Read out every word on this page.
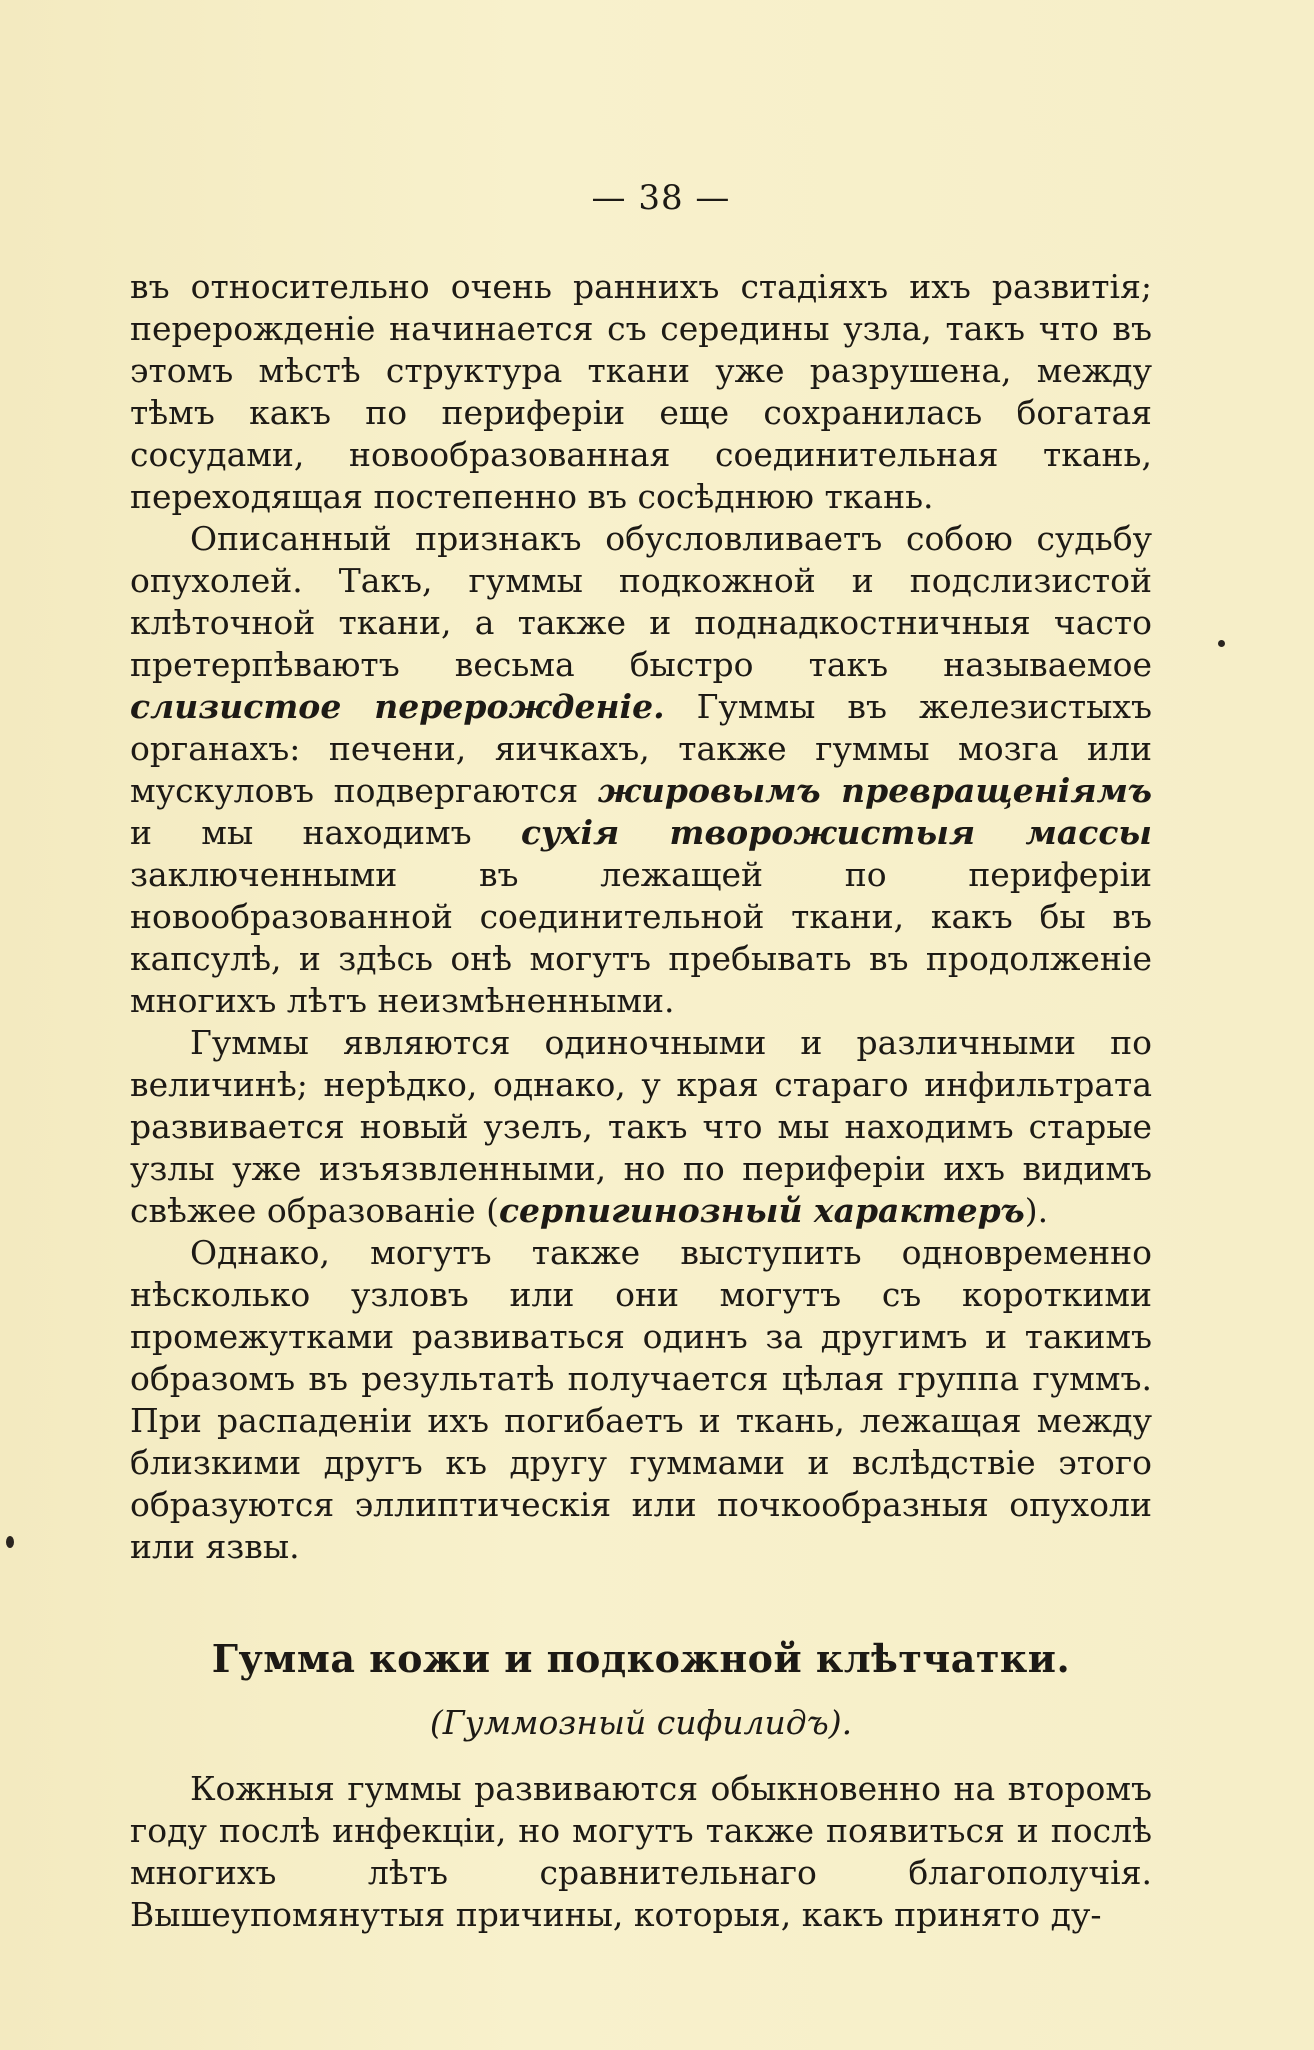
— 38 —

въ относительно очень раннихъ стадіяхъ ихъ развитія; перерожденіе начинается съ середины узла, такъ что въ этомъ мѣстѣ структура ткани уже разрушена, между тѣмъ какъ по периферіи еще сохранилась богатая сосудами, новообразованная соединительная ткань, переходящая постепенно въ сосѣднюю ткань.

Описанный признакъ обусловливаетъ собою судьбу опухолей. Такъ, гуммы подкожной и подслизистой клѣточной ткани, а также и поднадкостничныя часто претерпѣваютъ весьма быстро такъ называемое слизистое перерожденіе. Гуммы въ железистыхъ органахъ: печени, яичкахъ, также гуммы мозга или мускуловъ подвергаются жировымъ превращеніямъ и мы находимъ сухія творожистыя массы заключенными въ лежащей по периферіи новообразованной соединительной ткани, какъ бы въ капсулѣ, и здѣсь онѣ могутъ пребывать въ продолженіе многихъ лѣтъ неизмѣненными.

Гуммы являются одиночными и различными по величинѣ; нерѣдко, однако, у края стараго инфильтрата развивается новый узелъ, такъ что мы находимъ старые узлы уже изъязвленными, но по периферіи ихъ видимъ свѣжее образованіе (серпигинозный характеръ).

Однако, могутъ также выступить одновременно нѣсколько узловъ или они могутъ съ короткими промежутками развиваться одинъ за другимъ и такимъ образомъ въ результатѣ получается цѣлая группа гуммъ. При распаденіи ихъ погибаетъ и ткань, лежащая между близкими другъ къ другу гуммами и вслѣдствіе этого образуются эллиптическія или почкообразныя опухоли или язвы.

Гумма кожи и подкожной клѣтчатки.
(Гуммозный сифилидъ).

Кожныя гуммы развиваются обыкновенно на второмъ году послѣ инфекціи, но могутъ также появиться и послѣ многихъ лѣтъ сравнительнаго благополучія. Вышеупомянутыя причины, которыя, какъ принято ду-
